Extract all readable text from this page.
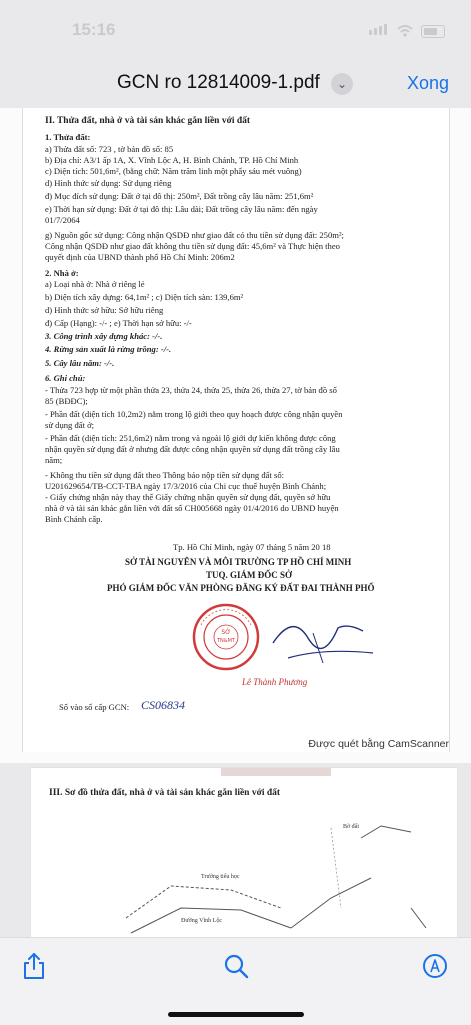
15:16
GCN ro 12814009-1.pdf	⌄	Xong
II. Thửa đất, nhà ở và tài sản khác gắn liền với đất
1. Thửa đất:
a) Thửa đất số: 723 , tờ bản đồ số: 85
b) Địa chỉ: A3/1 ấp 1A, X. Vĩnh Lộc A, H. Bình Chánh, TP. Hồ Chí Minh
c) Diện tích: 501,6m², (bằng chữ: Năm trăm linh một phẩy sáu mét vuông)
d) Hình thức sử dụng: Sử dụng riêng
đ) Mục đích sử dụng: Đất ở tại đô thị: 250m², Đất trồng cây lâu năm: 251,6m²
e) Thời hạn sử dụng: Đất ở tại đô thị: Lâu dài; Đất trồng cây lâu năm: đến ngày
01/7/2064
g) Nguồn gốc sử dụng: Công nhận QSDĐ như giao đất có thu tiền sử dụng đất: 250m²;
Công nhận QSDĐ như giao đất không thu tiền sử dụng đất: 45,6m² và Thực hiện theo
quyết định của UBND thành phố Hồ Chí Minh: 206m2
2. Nhà ở:
a) Loại nhà ở: Nhà ở riêng lẻ
b) Diện tích xây dựng: 64,1m² ; c) Diện tích sàn: 139,6m²
d) Hình thức sở hữu: Sở hữu riêng
đ) Cấp (Hạng): -/- ; e) Thời hạn sở hữu: -/-
3. Công trình xây dựng khác: -/-.
4. Rừng sản xuất là rừng trồng: -/-.
5. Cây lâu năm: -/-.
6. Ghi chú:
- Thửa 723 hợp từ một phần thửa 23, thửa 24, thửa 25, thửa 26, thửa 27, tờ bản đồ số
85 (BĐĐC);
- Phần đất (diện tích 10,2m2) nằm trong lộ giới theo quy hoạch được công nhận quyền
sử dụng đất ở;
- Phần đất (diện tích: 251,6m2) nằm trong và ngoài lộ giới dự kiến không được công
nhận quyền sử dụng đất ở nhưng đất được công nhận quyền sử dụng đất trồng cây lâu
năm;
- Không thu tiền sử dụng đất theo Thông báo nộp tiền sử dụng đất số:
U201629654/TB-CCT-TBA ngày 17/3/2016 của Chi cục thuế huyện Bình Chánh;
- Giấy chứng nhận này thay thế Giấy chứng nhận quyền sử dụng đất, quyền sở hữu
nhà ở và tài sản khác gắn liền với đất số CH005668 ngày 01/4/2016 do UBND huyện
Bình Chánh cấp.
Tp. Hồ Chí Minh, ngày 07 tháng 5 năm 20 18
SỞ TÀI NGUYÊN VÀ MÔI TRƯỜNG TP HỒ CHÍ MINH
TUQ. GIÁM ĐỐC SỞ
PHÓ GIÁM ĐỐC VĂN PHÒNG ĐĂNG KÝ ĐẤT ĐAI THÀNH PHỐ
SỞ
TN&MT
Lê Thành Phương
Số vào sổ cấp GCN: CS06834
Được quét bằng CamScanner
III. Sơ đồ thửa đất, nhà ở và tài sản khác gắn liền với đất
Trường tiểu học
Đường Vĩnh Lộc
Bờ đất
